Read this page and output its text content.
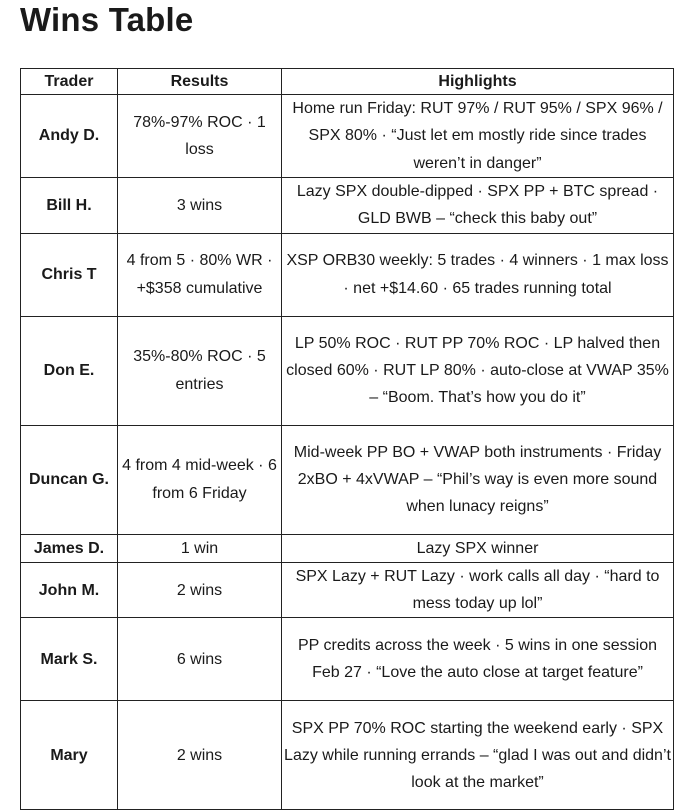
Wins Table
Trader	Results	Highlights
Andy D.	78%-97% ROC · 1 loss	Home run Friday: RUT 97% / RUT 95% / SPX 96% / SPX 80% · “Just let em mostly ride since trades weren’t in danger”
Bill H.	3 wins	Lazy SPX double-dipped · SPX PP + BTC spread · GLD BWB – “check this baby out”
Chris T	4 from 5 · 80% WR · +$358 cumulative	XSP ORB30 weekly: 5 trades · 4 winners · 1 max loss · net +$14.60 · 65 trades running total
Don E.	35%-80% ROC · 5 entries	LP 50% ROC · RUT PP 70% ROC · LP halved then closed 60% · RUT LP 80% · auto-close at VWAP 35% – “Boom. That’s how you do it”
Duncan G.	4 from 4 mid-week · 6 from 6 Friday	Mid-week PP BO + VWAP both instruments · Friday 2xBO + 4xVWAP – “Phil’s way is even more sound when lunacy reigns”
James D.	1 win	Lazy SPX winner
John M.	2 wins	SPX Lazy + RUT Lazy · work calls all day · “hard to mess today up lol”
Mark S.	6 wins	PP credits across the week · 5 wins in one session Feb 27 · “Love the auto close at target feature”
Mary	2 wins	SPX PP 70% ROC starting the weekend early · SPX Lazy while running errands – “glad I was out and didn’t look at the market”
